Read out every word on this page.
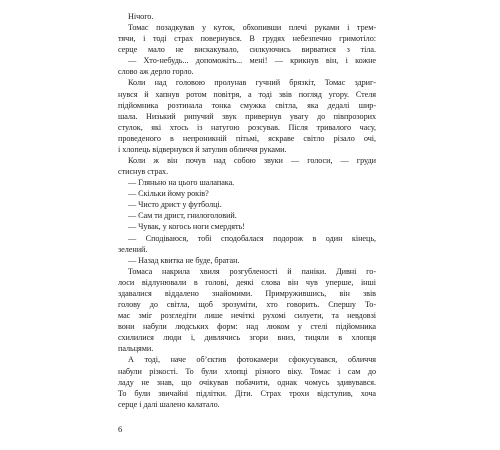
Нічого.
Томас позадкував у куток, обхопивши плечі руками і трем-
тячи, і тоді страх повернувся. В грудях небезпечно гримотіло:
серце мало не вискакувало, силкуючись вирватися з тіла.
— Хто-небудь... допоможіть... мені! — крикнув він, і кожне
слово аж дерло горло.
Коли над головою пролунав гучний брязкіт, Томас здриг-
нувся й хапнув ротом повітря, а тоді звів погляд угору. Стеля
підйомника розтинала тонка смужка світла, яка дедалі шир-
шала. Низький рипучий звук привернув увагу до півпрозорих
стулок, які хтось із натугою розсував. Після тривалого часу,
проведеного в непроникній пітьмі, яскраве світло різало очі,
і хлопець відвернувся й затулив обличчя руками.
Коли ж він почув над собою звуки — голоси, — груди
стиснув страх.
— Гляньно на цього шалапака.
— Скільки йому років?
— Чисто дрист у футболці.
— Сам ти дрист, гнилоголовий.
— Чувак, у когось ноги смердять!
— Сподіваюся, тобі сподобалася подорож в один кінець,
зелений.
— Назад квитка не буде, братан.
Томаса накрила хвиля розгубленості й паніки. Дивні го-
лоси відлунювали в голові, деякі слова він чув уперше, інші
здавалися віддалено знайомими. Примружившись, він звів
голову до світла, щоб зрозуміти, хто говорить. Спершу То-
мас зміг розгледіти лише нечіткі рухомі силуети, та невдовзі
вони набули людських форм: над люком у стелі підйомника
схилилися люди і, дивлячись згори вниз, тицяли в хлопця
пальцями.
А тоді, наче об’єктив фотокамери сфокусувався, обличчя
набули різкості. То були хлопці різного віку. Томас і сам до
ладу не знав, що очікував побачити, однак чомусь здивувався.
То були звичайні підлітки. Діти. Страх трохи відступив, хоча
серце і далі шалено калатало.
6
